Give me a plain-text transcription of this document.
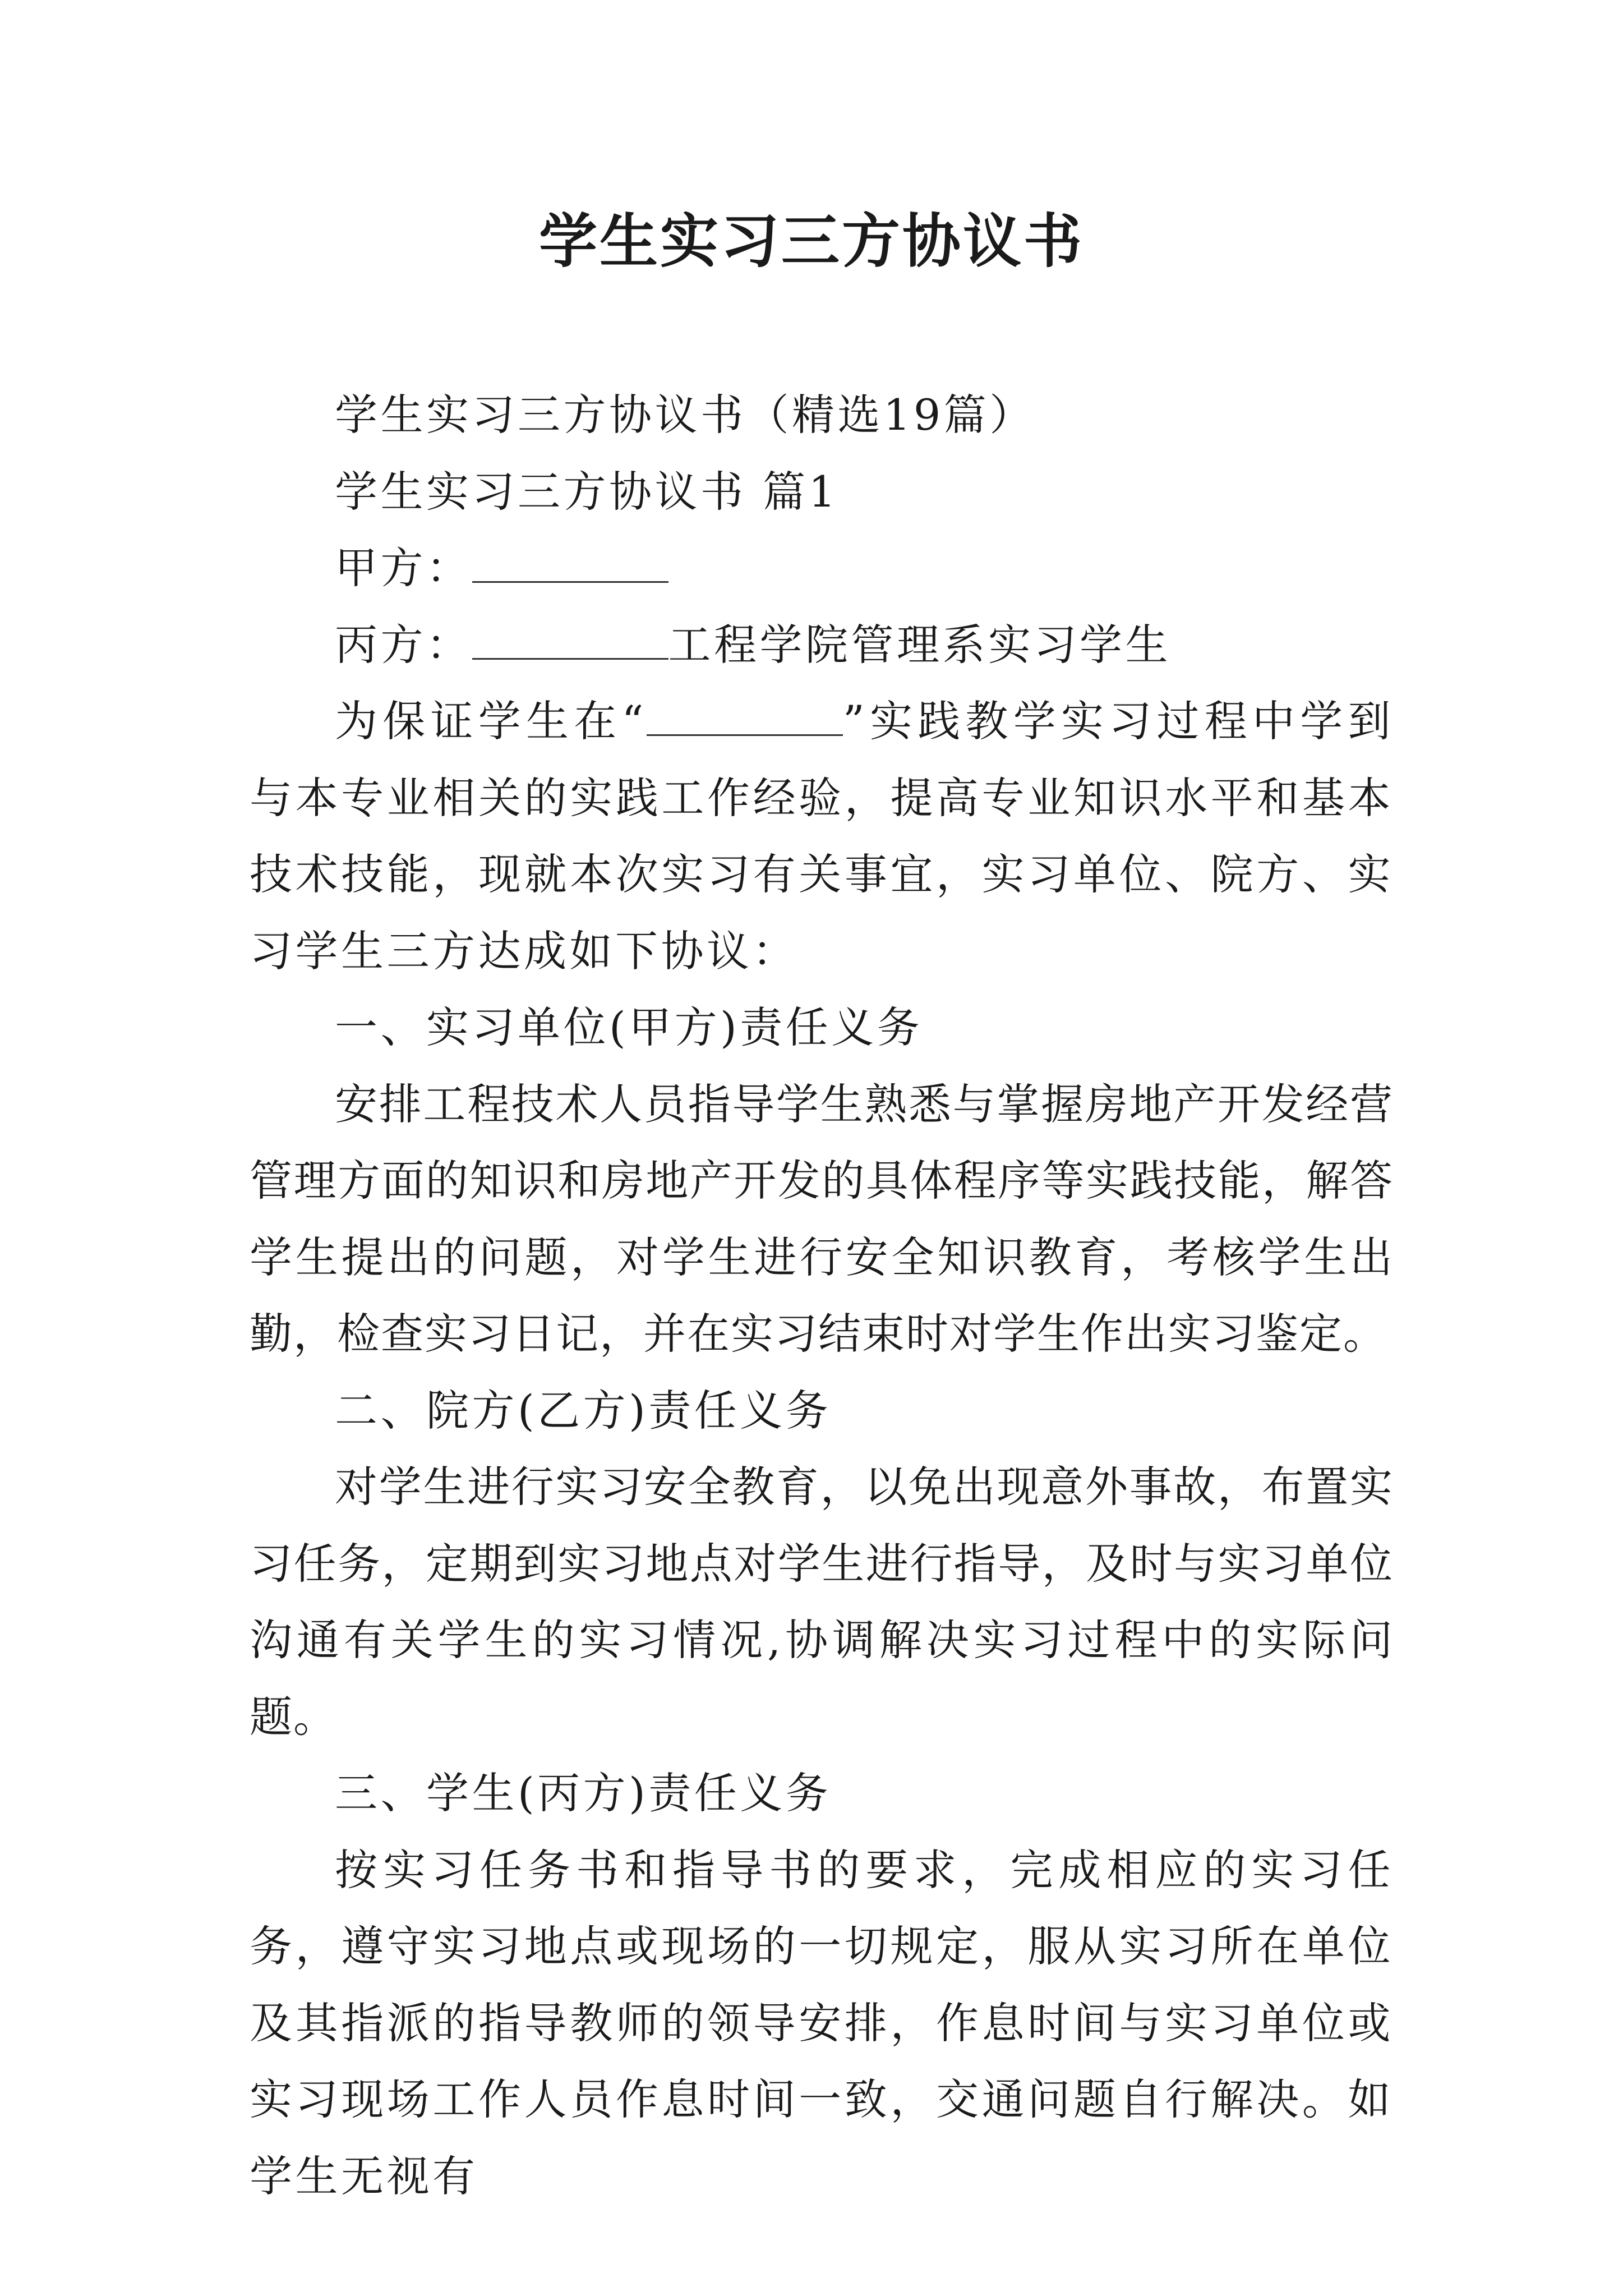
学生实习三方协议书

学生实习三方协议书（精选19篇）

学生实习三方协议书 篇1

甲方：

丙方：	工程学院管理系实习学生

为保证学生在“	”实践教学实习过程中学到与本专业相关的实践工作经验，提高专业知识水平和基本技术技能，现就本次实习有关事宜，实习单位、院方、实习学生三方达成如下协议：

一、实习单位(甲方)责任义务

安排工程技术人员指导学生熟悉与掌握房地产开发经营管理方面的知识和房地产开发的具体程序等实践技能，解答学生提出的问题，对学生进行安全知识教育，考核学生出勤，检查实习日记，并在实习结束时对学生作出实习鉴定。

二、院方(乙方)责任义务

对学生进行实习安全教育，以免出现意外事故，布置实习任务，定期到实习地点对学生进行指导，及时与实习单位沟通有关学生的实习情况,协调解决实习过程中的实际问题。

三、学生(丙方)责任义务

按实习任务书和指导书的要求，完成相应的实习任务，遵守实习地点或现场的一切规定，服从实习所在单位及其指派的指导教师的领导安排，作息时间与实习单位或实习现场工作人员作息时间一致，交通问题自行解决。如学生无视有
